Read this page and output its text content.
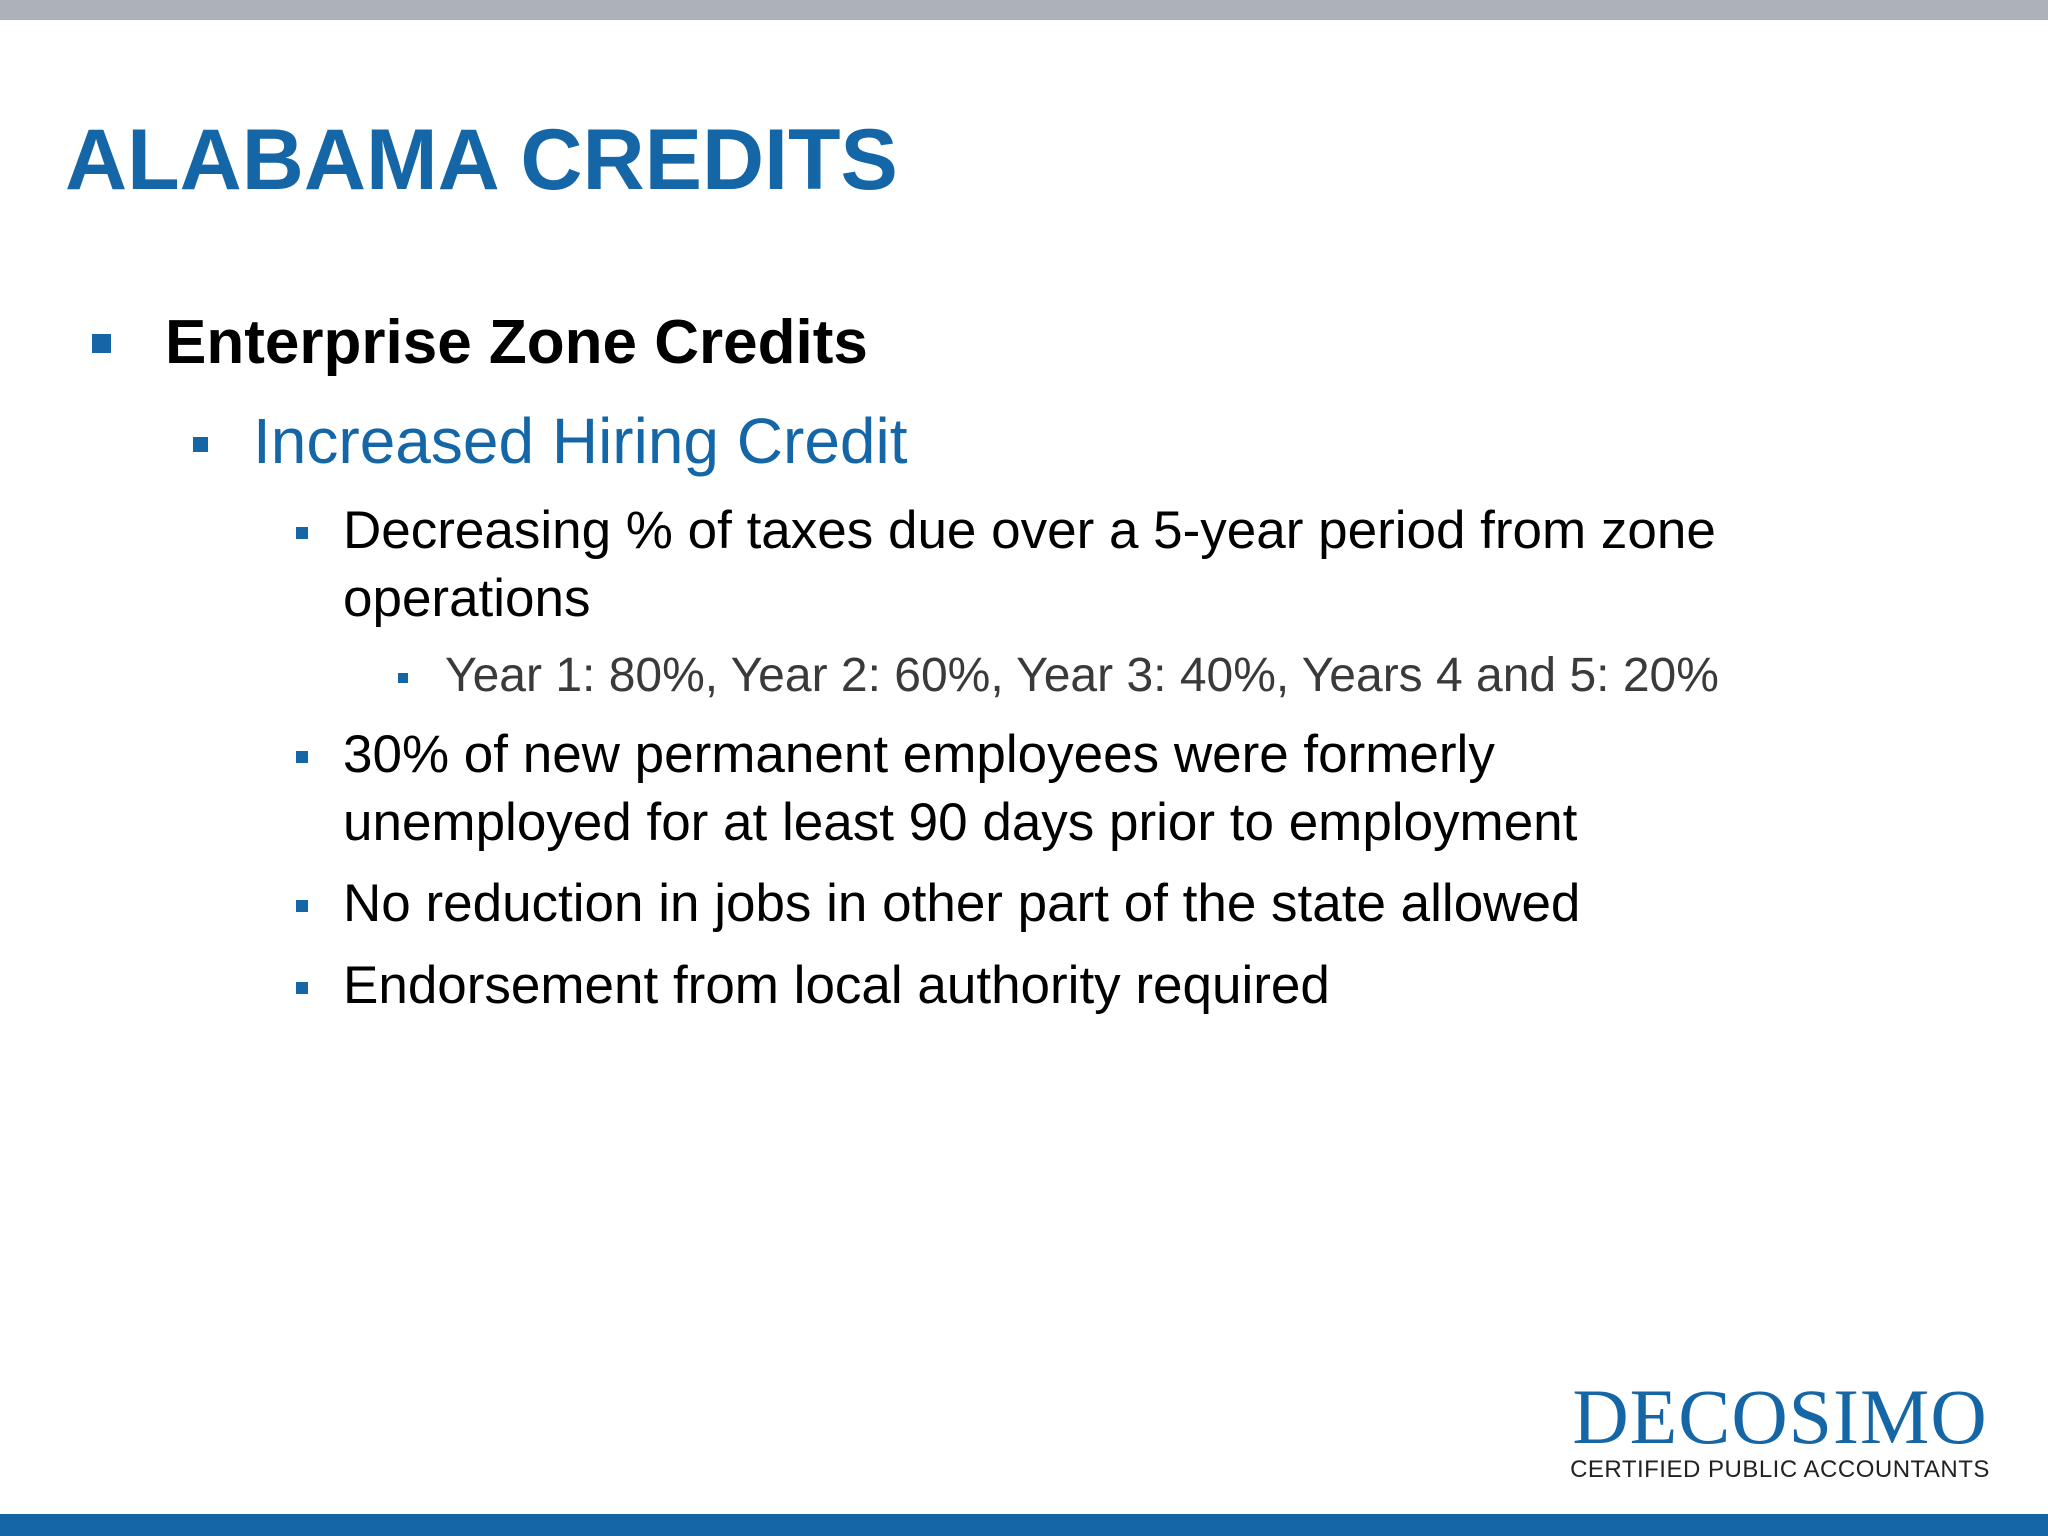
ALABAMA CREDITS
Enterprise Zone Credits
Increased Hiring Credit
Decreasing % of taxes due over a 5-year period from zone
operations
Year 1: 80%, Year 2: 60%, Year 3: 40%, Years 4 and 5: 20%
30% of new permanent employees were formerly
unemployed for at least 90 days prior to employment
No reduction in jobs in other part of the state allowed
Endorsement from local authority required
DECOSIMO
CERTIFIED PUBLIC ACCOUNTANTS
